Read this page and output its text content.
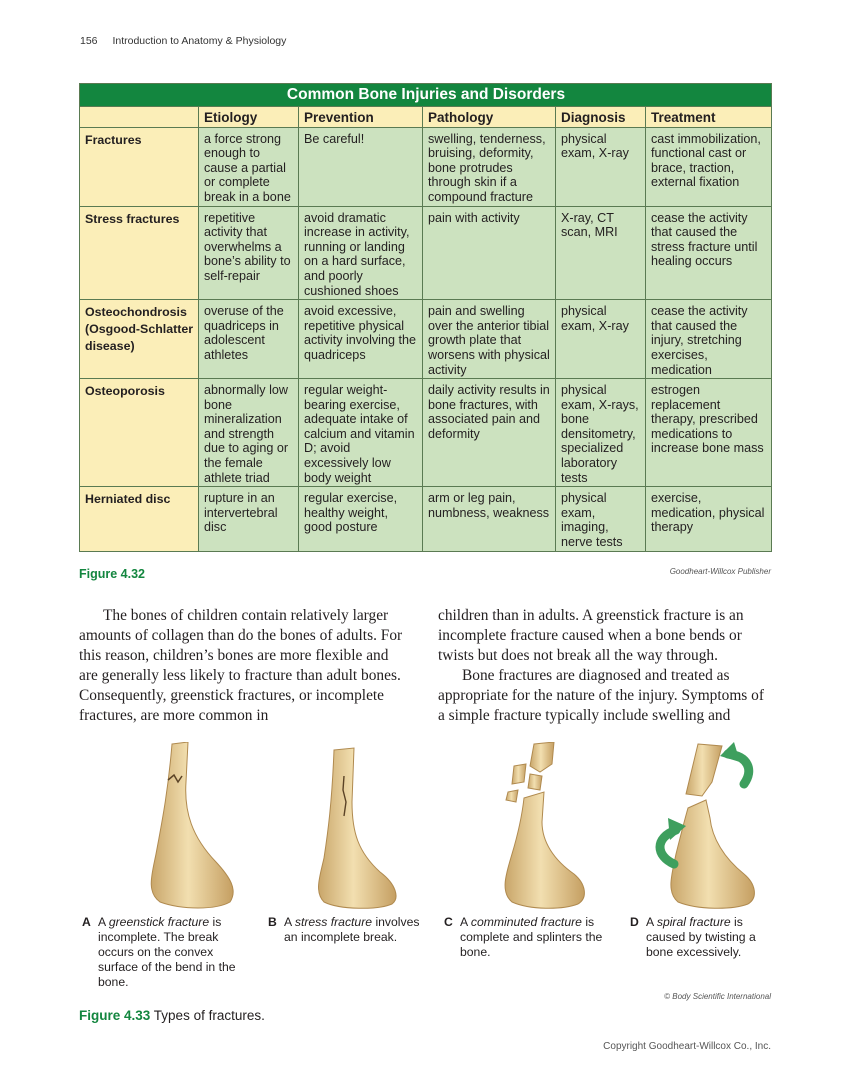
156 Introduction to Anatomy & Physiology
Common Bone Injuries and Disorders					
	Etiology	Prevention	Pathology	Diagnosis	Treatment
Fractures	a force strong enough to cause a partial or complete break in a bone	Be careful!	swelling, tenderness, bruising, deformity, bone protrudes through skin if a compound fracture	physical exam, X-ray	cast immobilization, functional cast or brace, traction, external fixation
Stress fractures	repetitive activity that overwhelms a bone’s ability to self-repair	avoid dramatic increase in activity, running or landing on a hard surface, and poorly cushioned shoes	pain with activity	X-ray, CT scan, MRI	cease the activity that caused the stress fracture until healing occurs
Osteochondrosis (Osgood-Schlatter disease)	overuse of the quadriceps in adolescent athletes	avoid excessive, repetitive physical activity involving the quadriceps	pain and swelling over the anterior tibial growth plate that worsens with physical activity	physical exam, X-ray	cease the activity that caused the injury, stretching exercises, medication
Osteoporosis	abnormally low bone mineralization and strength due to aging or the female athlete triad	regular weight-bearing exercise, adequate intake of calcium and vitamin D; avoid excessively low body weight	daily activity results in bone fractures, with associated pain and deformity	physical exam, X-rays, bone densitometry, specialized laboratory tests	estrogen replacement therapy, prescribed medications to increase bone mass
Herniated disc	rupture in an intervertebral disc	regular exercise, healthy weight, good posture	arm or leg pain, numbness, weakness	physical exam, imaging, nerve tests	exercise, medication, physical therapy
Figure 4.32	Goodheart-Willcox Publisher

The bones of children contain relatively larger amounts of collagen than do the bones of adults. For this reason, children’s bones are more flexible and are generally less likely to fracture than adult bones. Consequently, greenstick fractures, or incomplete fractures, are more common in

children than in adults. A greenstick fracture is an incomplete fracture caused when a bone bends or twists but does not break all the way through.

Bone fractures are diagnosed and treated as appropriate for the nature of the injury. Symptoms of a simple fracture typically include swelling and

A A greenstick fracture is incomplete. The break occurs on the convex surface of the bend in the bone.
B A stress fracture involves an incomplete break.
C A comminuted fracture is complete and splinters the bone.
D A spiral fracture is caused by twisting a bone excessively.
© Body Scientific International
Figure 4.33 Types of fractures.
Copyright Goodheart-Willcox Co., Inc.
